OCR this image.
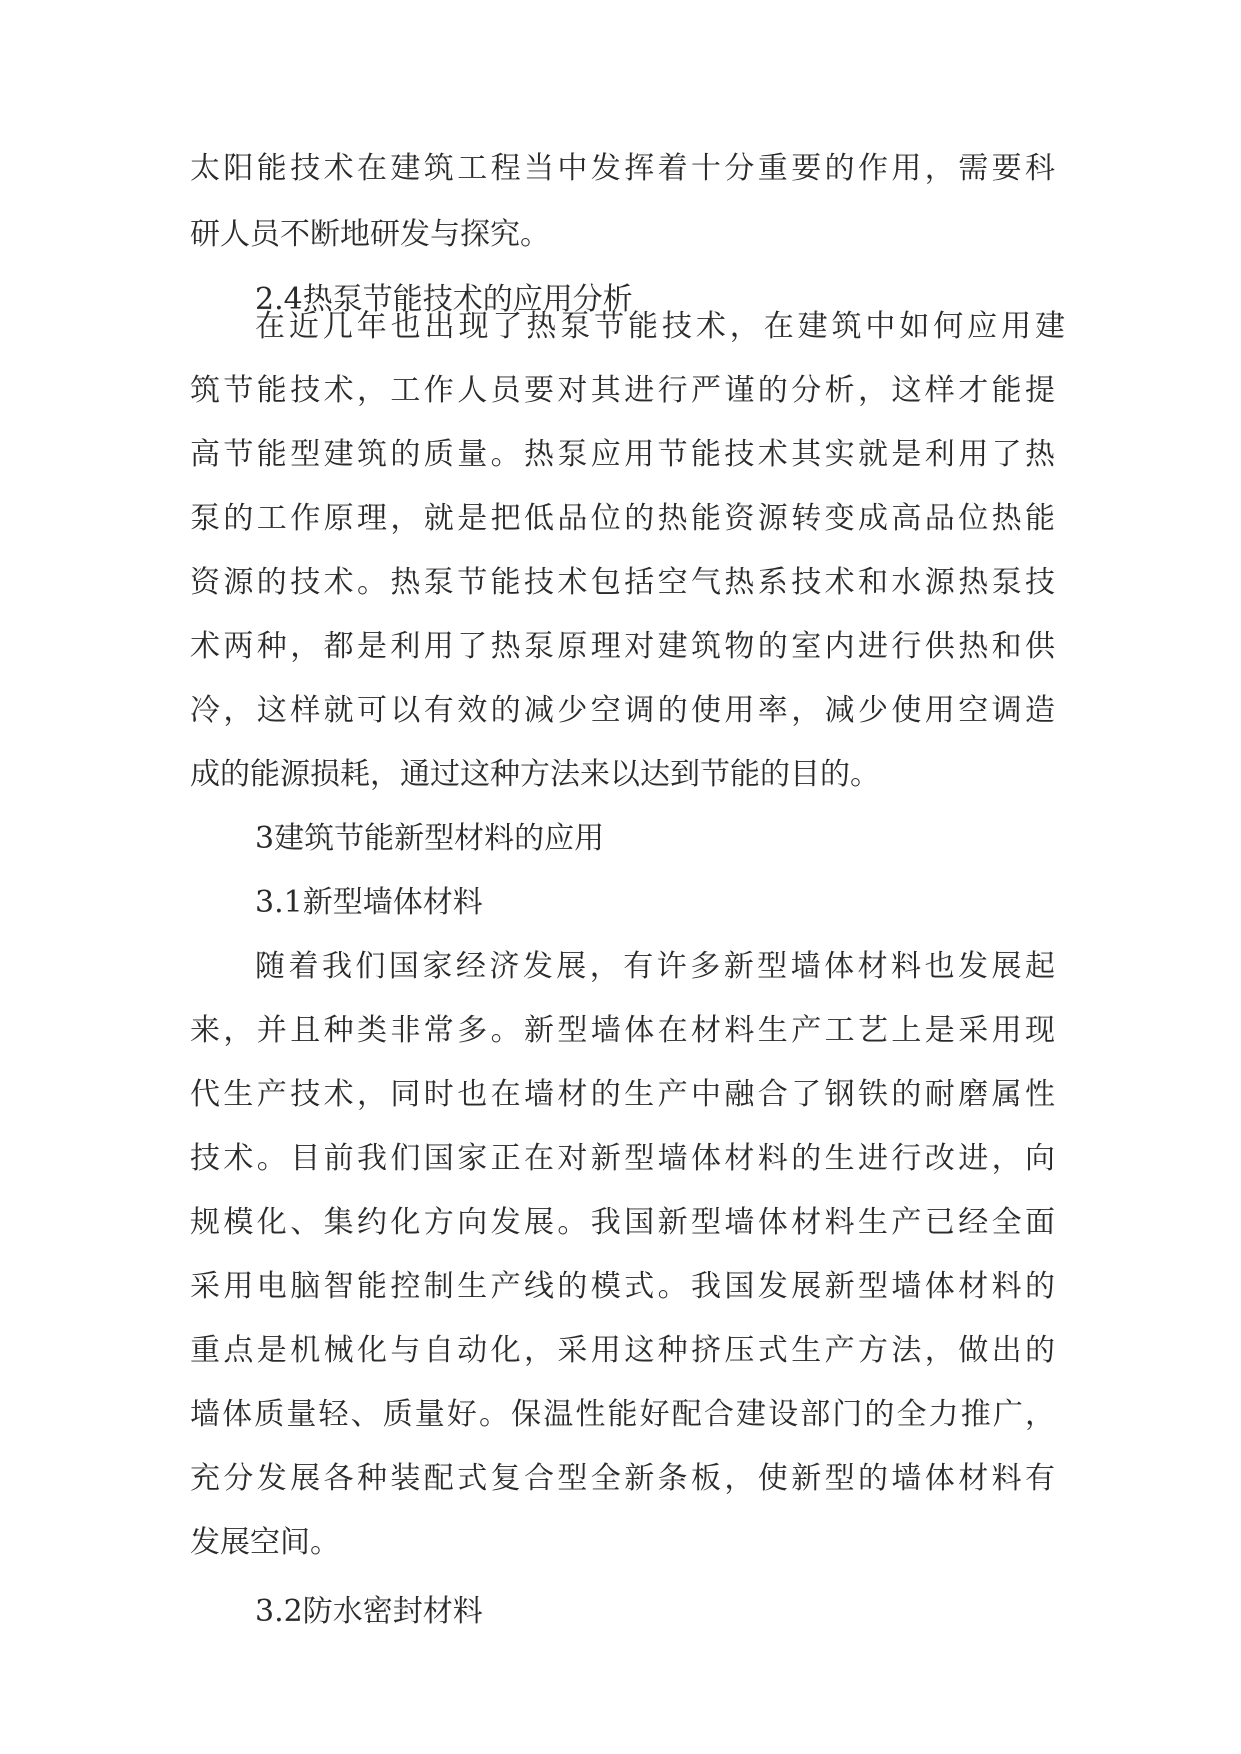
太阳能技术在建筑工程当中发挥着十分重要的作用，需要科
研人员不断地研发与探究。
2.4热泵节能技术的应用分析
在近几年也出现了热泵节能技术，在建筑中如何应用建
筑节能技术，工作人员要对其进行严谨的分析，这样才能提
高节能型建筑的质量。热泵应用节能技术其实就是利用了热
泵的工作原理，就是把低品位的热能资源转变成高品位热能
资源的技术。热泵节能技术包括空气热系技术和水源热泵技
术两种，都是利用了热泵原理对建筑物的室内进行供热和供
冷，这样就可以有效的减少空调的使用率，减少使用空调造
成的能源损耗，通过这种方法来以达到节能的目的。
3建筑节能新型材料的应用
3.1新型墙体材料
随着我们国家经济发展，有许多新型墙体材料也发展起
来，并且种类非常多。新型墙体在材料生产工艺上是采用现
代生产技术，同时也在墙材的生产中融合了钢铁的耐磨属性
技术。目前我们国家正在对新型墙体材料的生进行改进，向
规模化、集约化方向发展。我国新型墙体材料生产已经全面
采用电脑智能控制生产线的模式。我国发展新型墙体材料的
重点是机械化与自动化，采用这种挤压式生产方法，做出的
墙体质量轻、质量好。保温性能好配合建设部门的全力推广，
充分发展各种装配式复合型全新条板，使新型的墙体材料有
发展空间。
3.2防水密封材料
